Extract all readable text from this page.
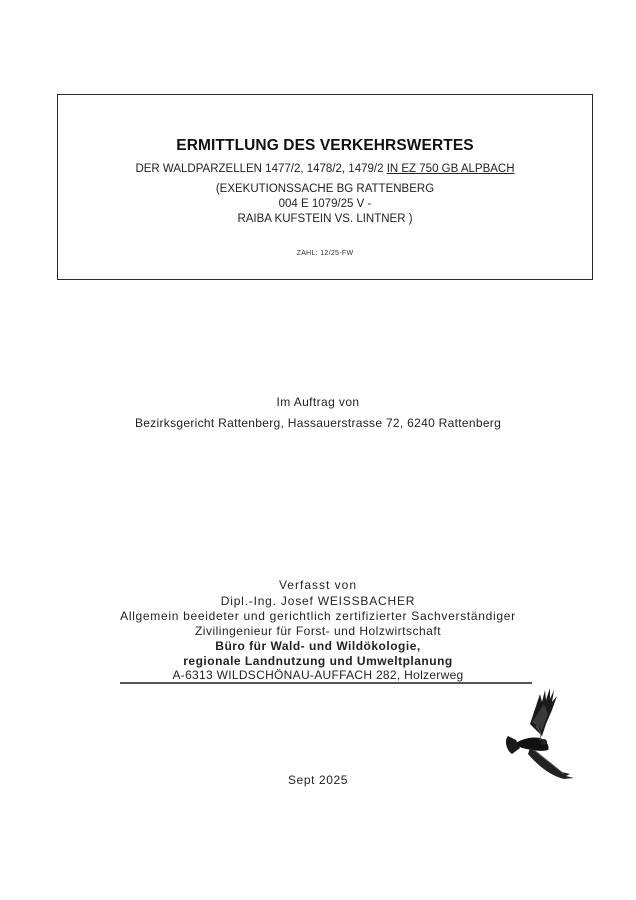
ERMITTLUNG DES VERKEHRSWERTES
DER WALDPARZELLEN 1477/2, 1478/2, 1479/2 IN EZ 750 GB ALPBACH
(EXEKUTIONSSACHE BG RATTENBERG
004 E 1079/25 V -
RAIBA KUFSTEIN VS. LINTNER )
ZAHL: 12/25-FW
Im Auftrag von
Bezirksgericht Rattenberg, Hassauerstrasse 72, 6240 Rattenberg
Verfasst von
Dipl.-Ing. Josef WEISSBACHER
Allgemein beeideter und gerichtlich zertifizierter Sachverständiger
Zivilingenieur für Forst- und Holzwirtschaft
Büro für Wald- und Wildökologie,
regionale Landnutzung und Umweltplanung
A-6313 WILDSCHÖNAU-AUFFACH 282, Holzerweg
Sept 2025
